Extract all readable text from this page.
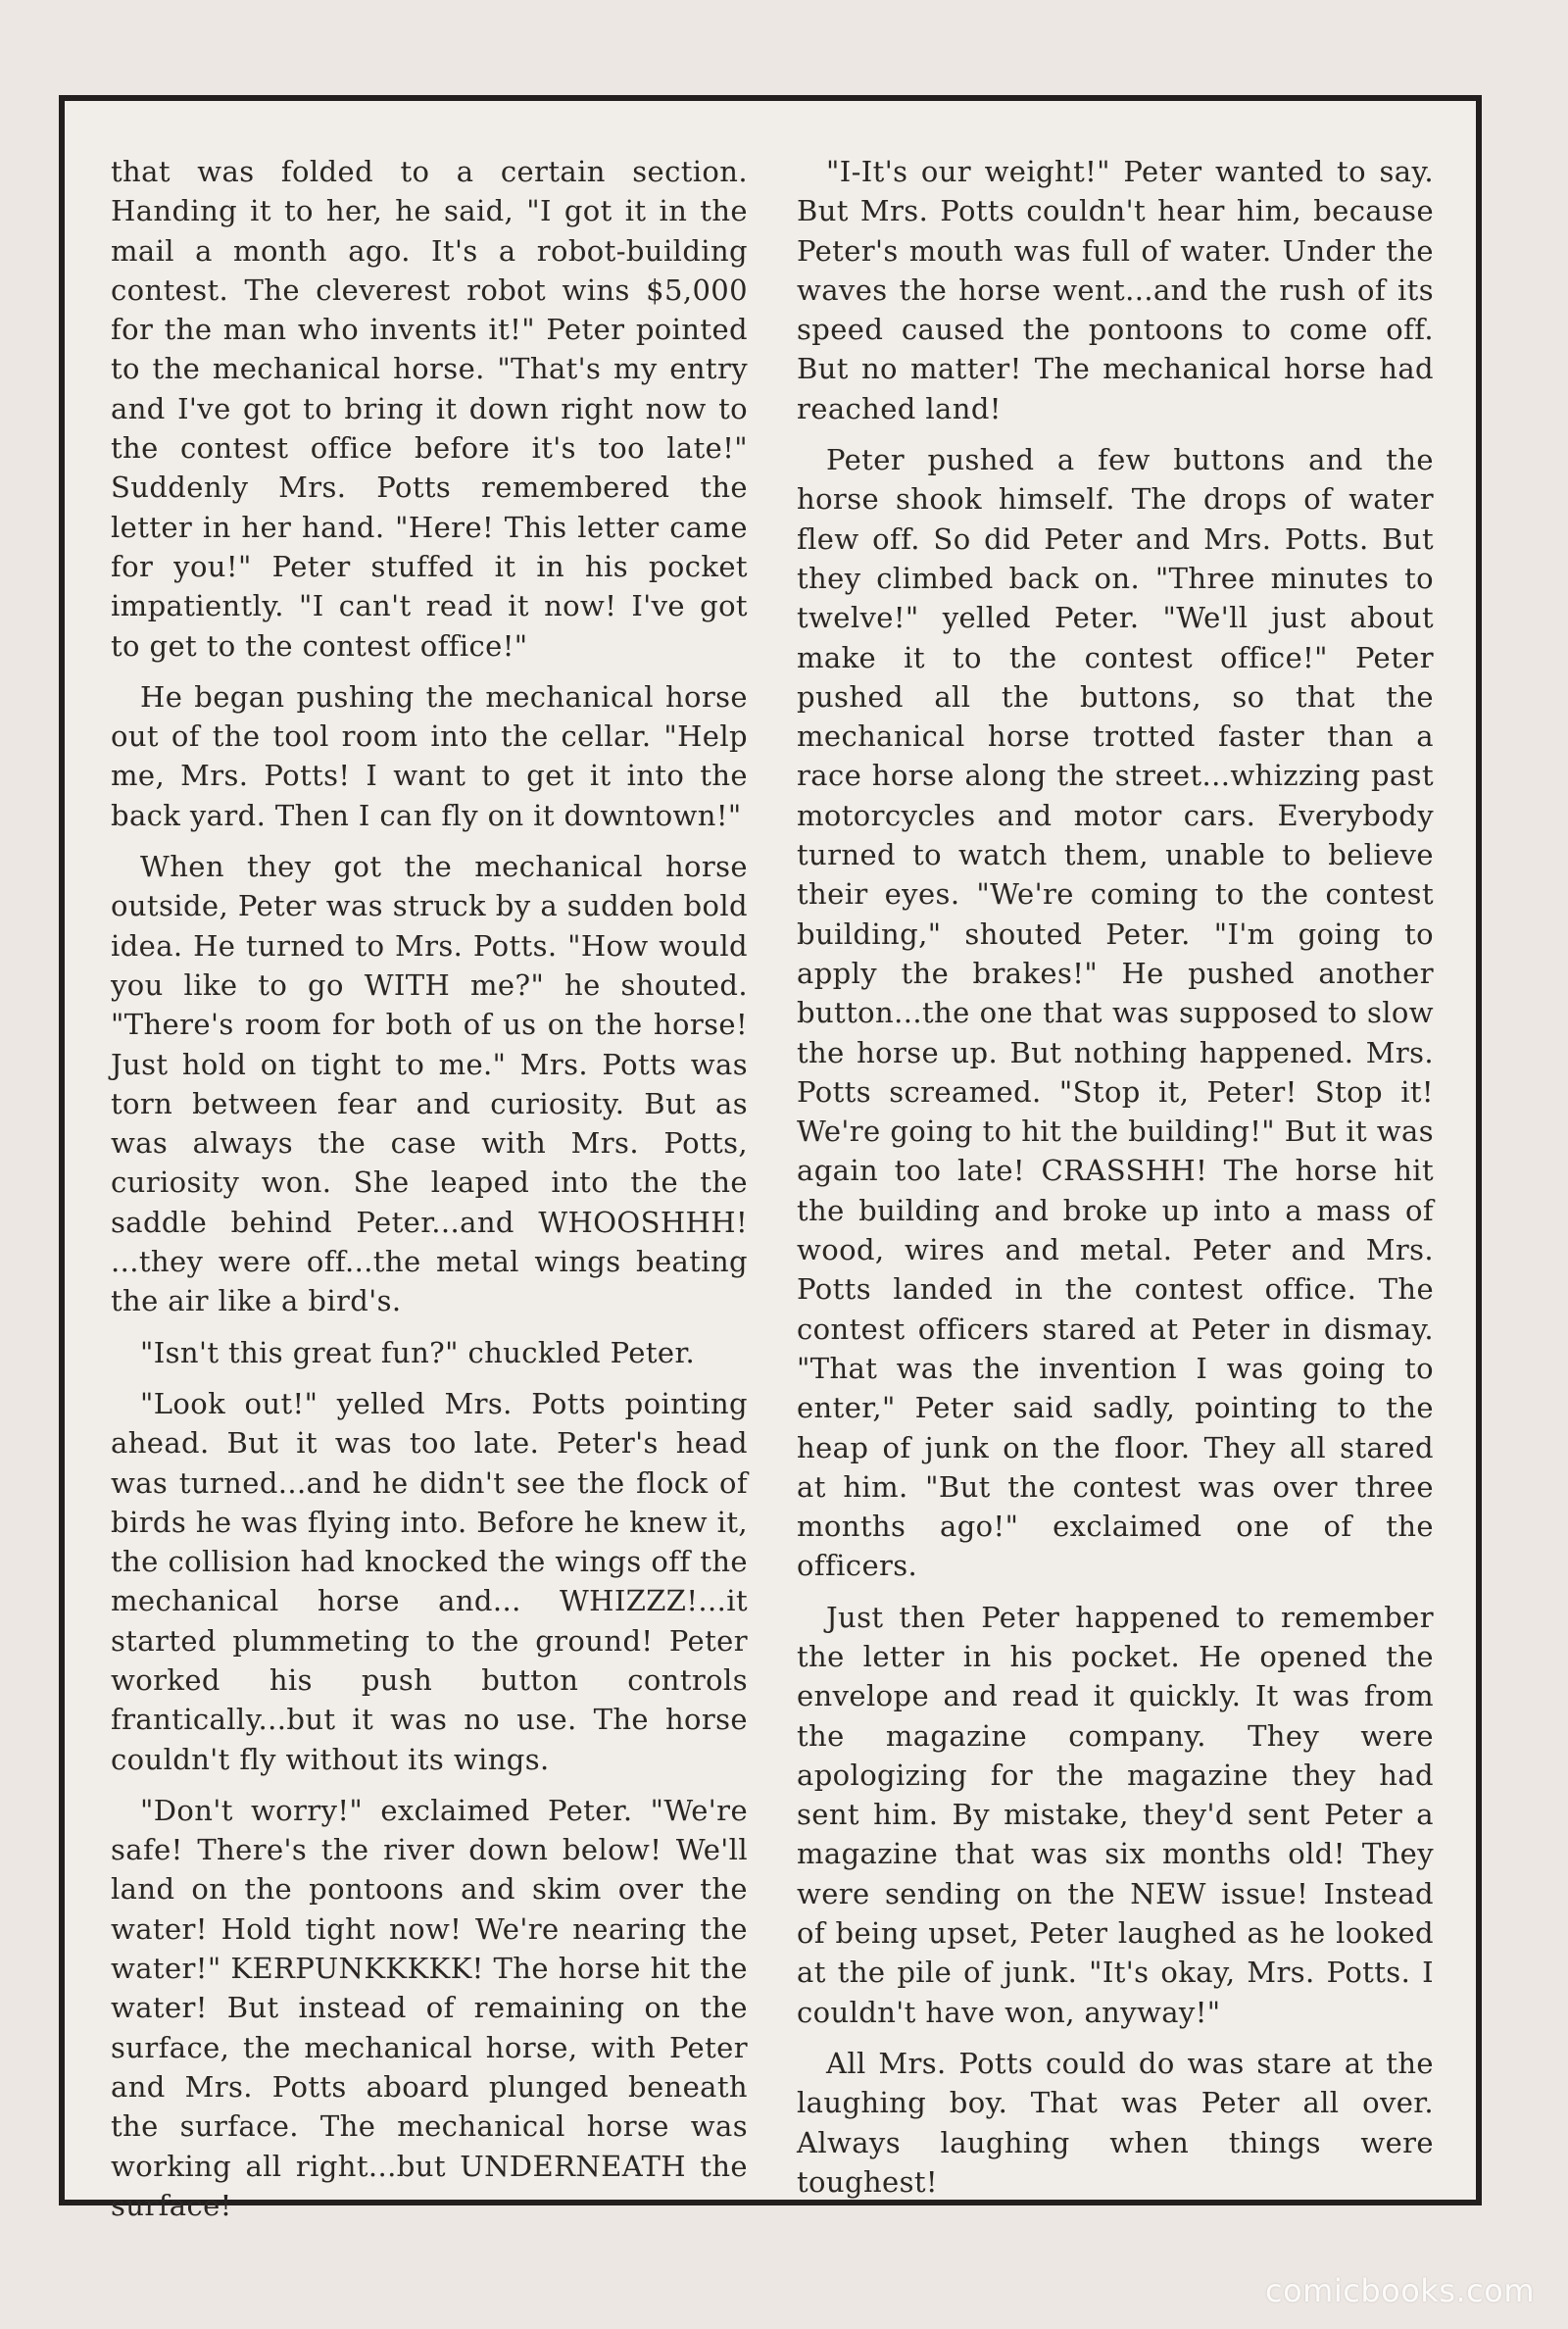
that was folded to a certain section. Handing it to her, he said, "I got it in the mail a month ago. It's a robot-building contest. The cleverest robot wins $5,000 for the man who invents it!" Peter pointed to the mechanical horse. "That's my entry and I've got to bring it down right now to the contest office before it's too late!" Suddenly Mrs. Potts remembered the letter in her hand. "Here! This letter came for you!" Peter stuffed it in his pocket impatiently. "I can't read it now! I've got to get to the contest office!"

He began pushing the mechanical horse out of the tool room into the cellar. "Help me, Mrs. Potts! I want to get it into the back yard. Then I can fly on it downtown!"

When they got the mechanical horse outside, Peter was struck by a sudden bold idea. He turned to Mrs. Potts. "How would you like to go WITH me?" he shouted. "There's room for both of us on the horse! Just hold on tight to me." Mrs. Potts was torn between fear and curiosity. But as was always the case with Mrs. Potts, curiosity won. She leaped into the the saddle behind Peter...and WHOOSHHH! ...they were off...the metal wings beating the air like a bird's.

"Isn't this great fun?" chuckled Peter.

"Look out!" yelled Mrs. Potts pointing ahead. But it was too late. Peter's head was turned...and he didn't see the flock of birds he was flying into. Before he knew it, the collision had knocked the wings off the mechanical horse and... WHIZZZ!...it started plummeting to the ground! Peter worked his push button controls frantically...but it was no use. The horse couldn't fly without its wings.

"Don't worry!" exclaimed Peter. "We're safe! There's the river down below! We'll land on the pontoons and skim over the water! Hold tight now! We're nearing the water!" KERPUNKKKKK! The horse hit the water! But instead of remaining on the surface, the mechanical horse, with Peter and Mrs. Potts aboard plunged beneath the surface. The mechanical horse was working all right...but UNDERNEATH the surface!

"I-It's our weight!" Peter wanted to say. But Mrs. Potts couldn't hear him, because Peter's mouth was full of water. Under the waves the horse went...and the rush of its speed caused the pontoons to come off. But no matter! The mechanical horse had reached land!

Peter pushed a few buttons and the horse shook himself. The drops of water flew off. So did Peter and Mrs. Potts. But they climbed back on. "Three minutes to twelve!" yelled Peter. "We'll just about make it to the contest office!" Peter pushed all the buttons, so that the mechanical horse trotted faster than a race horse along the street...whizzing past motorcycles and motor cars. Everybody turned to watch them, unable to believe their eyes. "We're coming to the contest building," shouted Peter. "I'm going to apply the brakes!" He pushed another button...the one that was supposed to slow the horse up. But nothing happened. Mrs. Potts screamed. "Stop it, Peter! Stop it! We're going to hit the building!" But it was again too late! CRASSHH! The horse hit the building and broke up into a mass of wood, wires and metal. Peter and Mrs. Potts landed in the contest office. The contest officers stared at Peter in dismay. "That was the invention I was going to enter," Peter said sadly, pointing to the heap of junk on the floor. They all stared at him. "But the contest was over three months ago!" exclaimed one of the officers.

Just then Peter happened to remember the letter in his pocket. He opened the envelope and read it quickly. It was from the magazine company. They were apologizing for the magazine they had sent him. By mistake, they'd sent Peter a magazine that was six months old! They were sending on the NEW issue! Instead of being upset, Peter laughed as he looked at the pile of junk. "It's okay, Mrs. Potts. I couldn't have won, anyway!"

All Mrs. Potts could do was stare at the laughing boy. That was Peter all over. Always laughing when things were toughest!

comicbooks.com
